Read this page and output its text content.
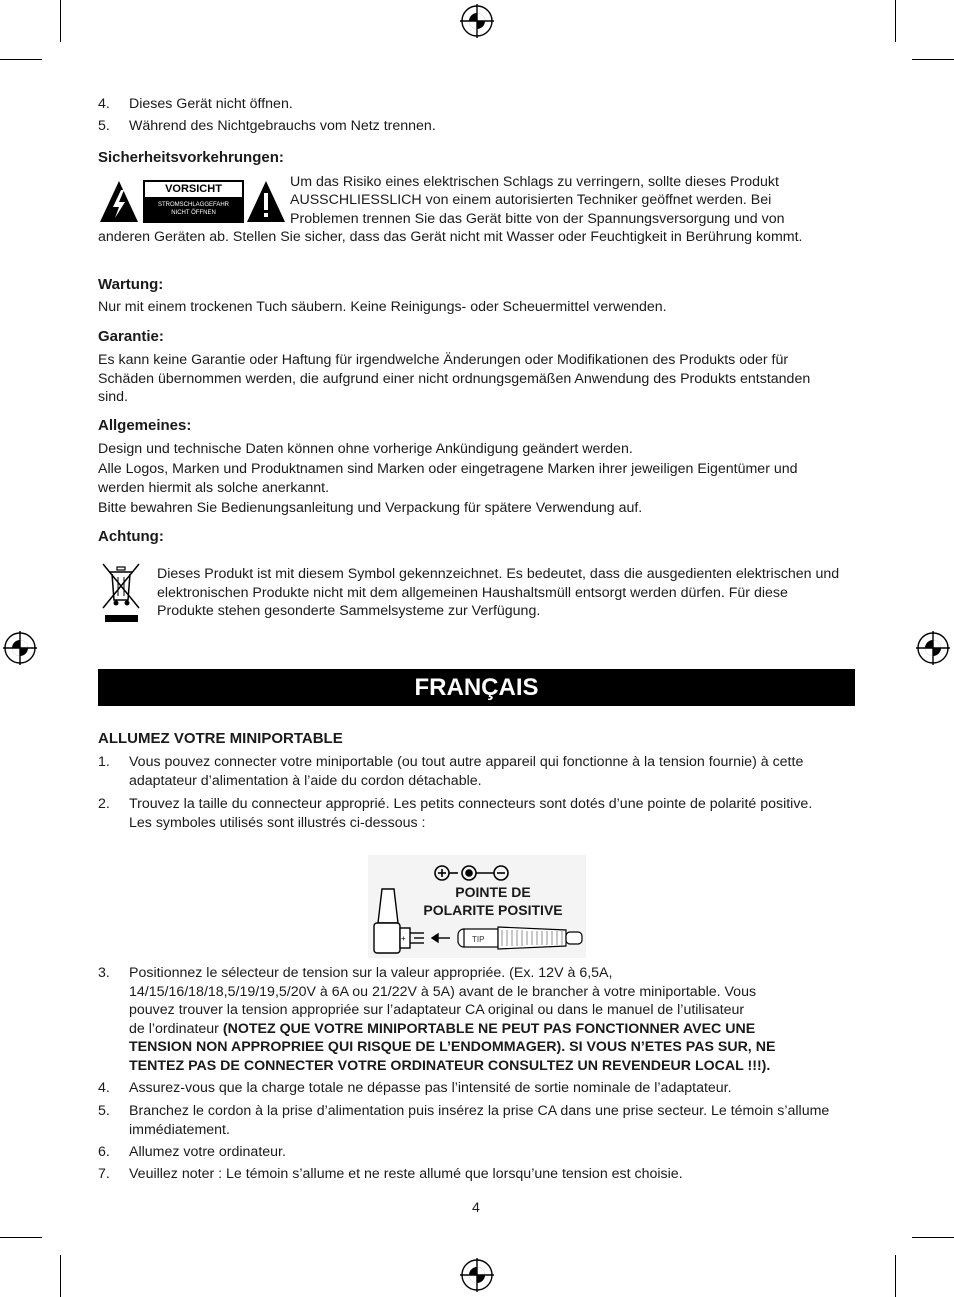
4. Dieses Gerät nicht öffnen.

5. Während des Nichtgebrauchs vom Netz trennen.

Sicherheitsvorkehrungen:
VORSICHT
STROMSCHLAGGEFAHR
NICHT ÖFFNEN

Um das Risiko eines elektrischen Schlags zu verringern, sollte dieses Produkt

AUSSCHLIESSLICH von einem autorisierten Techniker geöffnet werden. Bei

Problemen trennen Sie das Gerät bitte von der Spannungsversorgung und von

anderen Geräten ab. Stellen Sie sicher, dass das Gerät nicht mit Wasser oder Feuchtigkeit in Berührung kommt.

Wartung:

Nur mit einem trockenen Tuch säubern. Keine Reinigungs- oder Scheuermittel verwenden.

Garantie:

Es kann keine Garantie oder Haftung für irgendwelche Änderungen oder Modifikationen des Produkts oder für Schäden übernommen werden, die aufgrund einer nicht ordnungsgemäßen Anwendung des Produkts entstanden sind.

Allgemeines:

Design und technische Daten können ohne vorherige Ankündigung geändert werden.

Alle Logos, Marken und Produktnamen sind Marken oder eingetragene Marken ihrer jeweiligen Eigentümer und werden hiermit als solche anerkannt.

Bitte bewahren Sie Bedienungsanleitung und Verpackung für spätere Verwendung auf.

Achtung:

Dieses Produkt ist mit diesem Symbol gekennzeichnet. Es bedeutet, dass die ausgedienten elektrischen und elektronischen Produkte nicht mit dem allgemeinen Haushaltsmüll entsorgt werden dürfen. Für diese Produkte stehen gesonderte Sammelsysteme zur Verfügung.

FRANÇAIS
ALLUMEZ VOTRE MINIPORTABLE
1. Vous pouvez connecter votre miniportable (ou tout autre appareil qui fonctionne à la tension fournie) à cette adaptateur d’alimentation à l’aide du cordon détachable.

2. Trouvez la taille du connecteur approprié. Les petits connecteurs sont dotés d’une pointe de polarité positive. Les symboles utilisés sont illustrés ci-dessous :

+	TIP
POINTE DE
POLARITE POSITIVE
3. Positionnez le sélecteur de tension sur la valeur appropriée. (Ex. 12V à 6,5A,

14/15/16/18/18,5/19/19,5/20V à 6A ou 21/22V à 5A) avant de le brancher à votre miniportable. Vous

pouvez trouver la tension appropriée sur l’adaptateur CA original ou dans le manuel de l’utilisateur

de l’ordinateur (NOTEZ QUE VOTRE MINIPORTABLE NE PEUT PAS FONCTIONNER AVEC UNE

TENSION NON APPROPRIEE QUI RISQUE DE L’ENDOMMAGER). SI VOUS N’ETES PAS SUR, NE

TENTEZ PAS DE CONNECTER VOTRE ORDINATEUR CONSULTEZ UN REVENDEUR LOCAL !!!).

4. Assurez-vous que la charge totale ne dépasse pas l’intensité de sortie nominale de l’adaptateur.

5. Branchez le cordon à la prise d’alimentation puis insérez la prise CA dans une prise secteur. Le témoin s’allume immédiatement.

6. Allumez votre ordinateur.

7. Veuillez noter : Le témoin s’allume et ne reste allumé que lorsqu’une tension est choisie.

4
